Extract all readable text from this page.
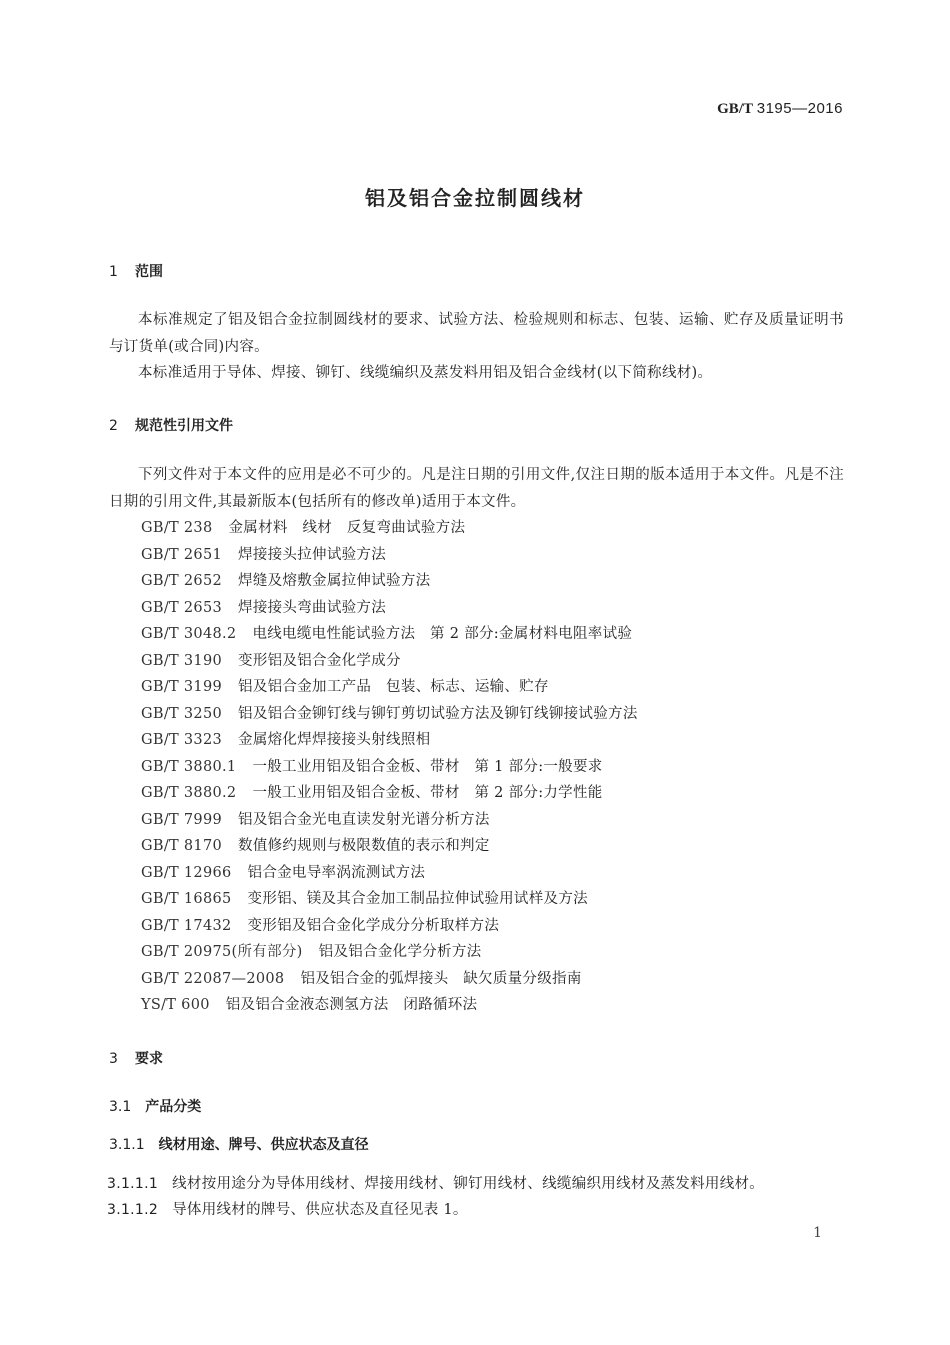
GB/T 3195—2016
铝及铝合金拉制圆线材
1 范围
本标准规定了铝及铝合金拉制圆线材的要求、试验方法、检验规则和标志、包装、运输、贮存及质量证明书与订货单(或合同)内容。
本标准适用于导体、焊接、铆钉、线缆编织及蒸发料用铝及铝合金线材(以下简称线材)。
2 规范性引用文件
下列文件对于本文件的应用是必不可少的。凡是注日期的引用文件,仅注日期的版本适用于本文件。凡是不注日期的引用文件,其最新版本(包括所有的修改单)适用于本文件。
GB/T 238 金属材料　线材　反复弯曲试验方法
GB/T 2651 焊接接头拉伸试验方法
GB/T 2652 焊缝及熔敷金属拉伸试验方法
GB/T 2653 焊接接头弯曲试验方法
GB/T 3048.2 电线电缆电性能试验方法　第 2 部分:金属材料电阻率试验
GB/T 3190 变形铝及铝合金化学成分
GB/T 3199 铝及铝合金加工产品　包装、标志、运输、贮存
GB/T 3250 铝及铝合金铆钉线与铆钉剪切试验方法及铆钉线铆接试验方法
GB/T 3323 金属熔化焊焊接接头射线照相
GB/T 3880.1 一般工业用铝及铝合金板、带材　第 1 部分:一般要求
GB/T 3880.2 一般工业用铝及铝合金板、带材　第 2 部分:力学性能
GB/T 7999 铝及铝合金光电直读发射光谱分析方法
GB/T 8170 数值修约规则与极限数值的表示和判定
GB/T 12966 铝合金电导率涡流测试方法
GB/T 16865 变形铝、镁及其合金加工制品拉伸试验用试样及方法
GB/T 17432 变形铝及铝合金化学成分分析取样方法
GB/T 20975(所有部分) 铝及铝合金化学分析方法
GB/T 22087—2008 铝及铝合金的弧焊接头　缺欠质量分级指南
YS/T 600 铝及铝合金液态测氢方法　闭路循环法
3 要求
3.1 产品分类
3.1.1 线材用途、牌号、供应状态及直径
3.1.1.1 线材按用途分为导体用线材、焊接用线材、铆钉用线材、线缆编织用线材及蒸发料用线材。
3.1.1.2 导体用线材的牌号、供应状态及直径见表 1。
1
